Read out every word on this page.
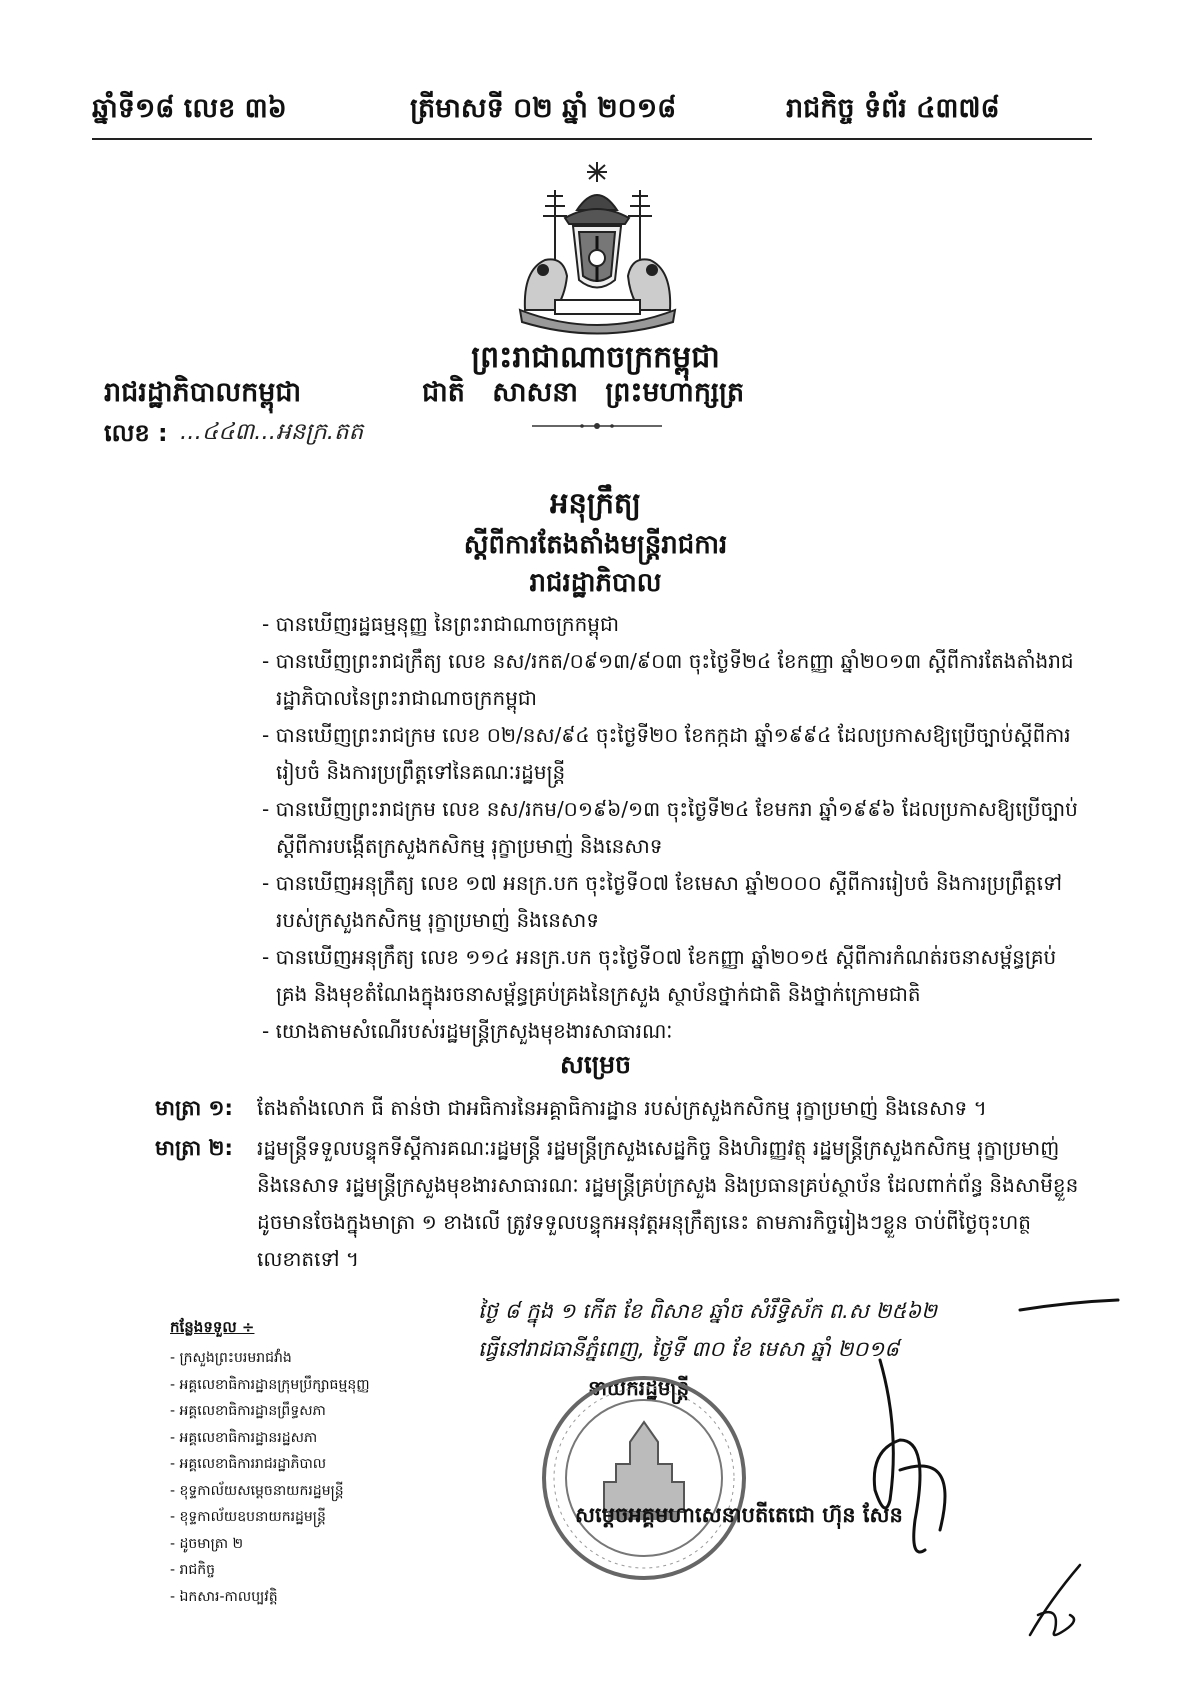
ឆ្នាំទី១៨ លេខ ៣៦	ត្រីមាសទី ០២ ឆ្នាំ ២០១៨	រាជកិច្ច ទំព័រ ៤៣៧៨
ព្រះរាជាណាចក្រកម្ពុជា
រាជរដ្ឋាភិបាលកម្ពុជា	ជាតិ សាសនា ព្រះមហាក្សត្រ
លេខ : ...៤៤៣...អនក្រ.តត
អនុក្រឹត្យ
ស្ដីពីការតែងតាំងមន្ត្រីរាជការ
រាជរដ្ឋាភិបាល
- បានឃើញរដ្ឋធម្មនុញ្ញ នៃព្រះរាជាណាចក្រកម្ពុជា
- បានឃើញព្រះរាជក្រឹត្យ លេខ នស/រកត/០៩១៣/៩០៣ ចុះថ្ងៃទី២៤ ខែកញ្ញា ឆ្នាំ២០១៣ ស្ដីពីការតែងតាំងរាជរដ្ឋាភិបាលនៃព្រះរាជាណាចក្រកម្ពុជា
- បានឃើញព្រះរាជក្រម លេខ ០២/នស/៩៤ ចុះថ្ងៃទី២០ ខែកក្កដា ឆ្នាំ១៩៩៤ ដែលប្រកាសឱ្យប្រើច្បាប់ស្ដីពីការរៀបចំ និងការប្រព្រឹត្តទៅនៃគណៈរដ្ឋមន្ត្រី
- បានឃើញព្រះរាជក្រម លេខ នស/រកម/០១៩៦/១៣ ចុះថ្ងៃទី២៤ ខែមករា ឆ្នាំ១៩៩៦ ដែលប្រកាសឱ្យប្រើច្បាប់ ស្ដីពីការបង្កើតក្រសួងកសិកម្ម រុក្ខាប្រមាញ់ និងនេសាទ
- បានឃើញអនុក្រឹត្យ លេខ ១៧ អនក្រ.បក ចុះថ្ងៃទី០៧ ខែមេសា ឆ្នាំ២០០០ ស្ដីពីការរៀបចំ និងការប្រព្រឹត្តទៅរបស់ក្រសួងកសិកម្ម រុក្ខាប្រមាញ់ និងនេសាទ
- បានឃើញអនុក្រឹត្យ លេខ ១១៤ អនក្រ.បក ចុះថ្ងៃទី០៧ ខែកញ្ញា ឆ្នាំ២០១៥ ស្ដីពីការកំណត់រចនាសម្ព័ន្ធគ្រប់គ្រង និងមុខតំណែងក្នុងរចនាសម្ព័ន្ធគ្រប់គ្រងនៃក្រសួង ស្ថាប័នថ្នាក់ជាតិ និងថ្នាក់ក្រោមជាតិ
- យោងតាមសំណើរបស់រដ្ឋមន្ត្រីក្រសួងមុខងារសាធារណៈ
សម្រេច
មាត្រា ១: តែងតាំងលោក ធី តាន់ថា ជាអធិការនៃអគ្គាធិការដ្ឋាន របស់ក្រសួងកសិកម្ម រុក្ខាប្រមាញ់ និងនេសាទ ។
មាត្រា ២: រដ្ឋមន្ត្រីទទួលបន្ទុកទីស្ដីការគណៈរដ្ឋមន្ត្រី រដ្ឋមន្ត្រីក្រសួងសេដ្ឋកិច្ច និងហិរញ្ញវត្ថុ រដ្ឋមន្ត្រីក្រសួងកសិកម្ម រុក្ខាប្រមាញ់ និងនេសាទ រដ្ឋមន្ត្រីក្រសួងមុខងារសាធារណៈ រដ្ឋមន្ត្រីគ្រប់ក្រសួង និងប្រធានគ្រប់ស្ថាប័ន ដែលពាក់ព័ន្ធ និងសាមីខ្លួនដូចមានចែងក្នុងមាត្រា ១ ខាងលើ ត្រូវទទួលបន្ទុកអនុវត្តអនុក្រឹត្យនេះ តាមភារកិច្ចរៀងៗខ្លួន ចាប់ពីថ្ងៃចុះហត្ថលេខាតទៅ ។
ថ្ងៃ ៨ ក្នុង ១ កើត ខែ ពិសាខ ឆ្នាំច សំរឹទ្ធិស័ក ព.ស ២៥៦២
ធ្វើនៅរាជធានីភ្នំពេញ, ថ្ងៃទី ៣០ ខែ មេសា ឆ្នាំ ២០១៨
នាយករដ្ឋមន្ត្រី
សម្ដេចអគ្គមហាសេនាបតីតេជោ ហ៊ុន សែន
កន្លែងទទួល ÷
- ក្រសួងព្រះបរមរាជវាំង
- អគ្គលេខាធិការដ្ឋានក្រុមប្រឹក្សាធម្មនុញ្ញ
- អគ្គលេខាធិការដ្ឋានព្រឹទ្ធសភា
- អគ្គលេខាធិការដ្ឋានរដ្ឋសភា
- អគ្គលេខាធិការរាជរដ្ឋាភិបាល
- ខុទ្ទកាល័យសម្ដេចនាយករដ្ឋមន្ត្រី
- ខុទ្ទកាល័យឧបនាយករដ្ឋមន្ត្រី
- ដូចមាត្រា ២
- រាជកិច្ច
- ឯកសារ-កាលប្បវត្តិ
